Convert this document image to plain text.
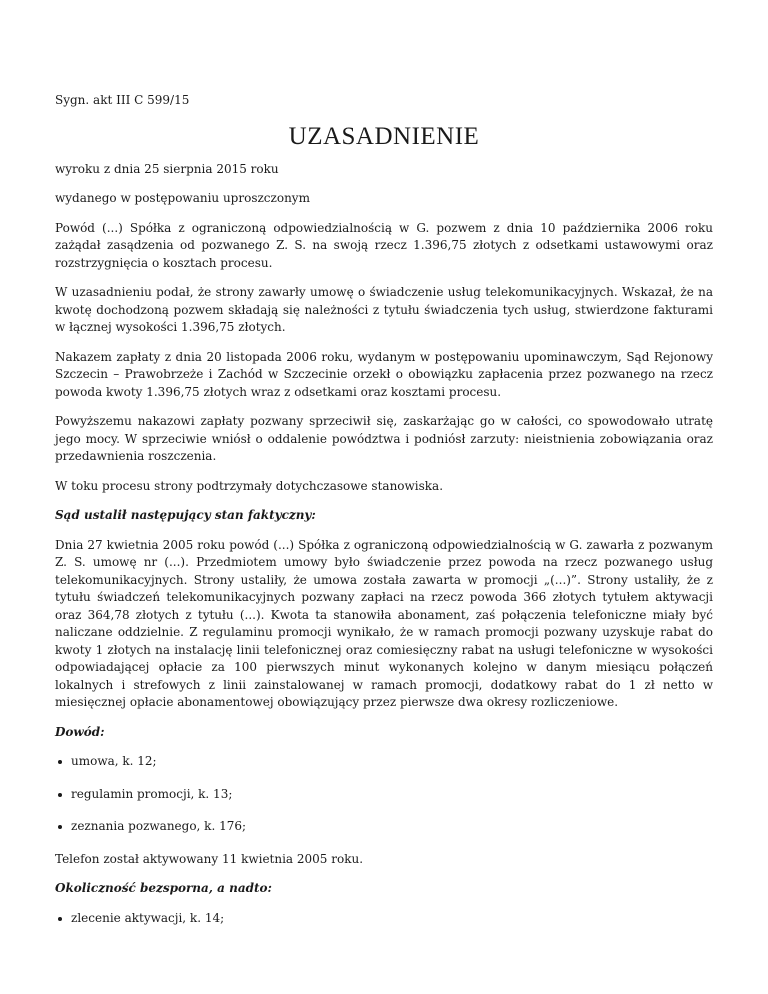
Sygn. akt III C 599/15

UZASADNIENIE

wyroku z dnia 25 sierpnia 2015 roku

wydanego w postępowaniu uproszczonym

Powód (...) Spółka z ograniczoną odpowiedzialnością w G. pozwem z dnia 10 października 2006 roku zażądał zasądzenia od pozwanego Z. S. na swoją rzecz 1.396,75 złotych z odsetkami ustawowymi oraz rozstrzygnięcia o kosztach procesu.

W uzasadnieniu podał, że strony zawarły umowę o świadczenie usług telekomunikacyjnych. Wskazał, że na kwotę dochodzoną pozwem składają się należności z tytułu świadczenia tych usług, stwierdzone fakturami w łącznej wysokości 1.396,75 złotych.

Nakazem zapłaty z dnia 20 listopada 2006 roku, wydanym w postępowaniu upominawczym, Sąd Rejonowy Szczecin – Prawobrzeże i Zachód w Szczecinie orzekł o obowiązku zapłacenia przez pozwanego na rzecz powoda kwoty 1.396,75 złotych wraz z odsetkami oraz kosztami procesu.

Powyższemu nakazowi zapłaty pozwany sprzeciwił się, zaskarżając go w całości, co spowodowało utratę jego mocy. W sprzeciwie wniósł o oddalenie powództwa i podniósł zarzuty: nieistnienia zobowiązania oraz przedawnienia roszczenia.

W toku procesu strony podtrzymały dotychczasowe stanowiska.

Sąd ustalił następujący stan faktyczny:

Dnia 27 kwietnia 2005 roku powód (...) Spółka z ograniczoną odpowiedzialnością w G. zawarła z pozwanym Z. S. umowę nr (...). Przedmiotem umowy było świadczenie przez powoda na rzecz pozwanego usług telekomunikacyjnych. Strony ustaliły, że umowa została zawarta w promocji „(...)”. Strony ustaliły, że z tytułu świadczeń telekomunikacyjnych pozwany zapłaci na rzecz powoda 366 złotych tytułem aktywacji oraz 364,78 złotych z tytułu (...). Kwota ta stanowiła abonament, zaś połączenia telefoniczne miały być naliczane oddzielnie. Z regulaminu promocji wynikało, że w ramach promocji pozwany uzyskuje rabat do kwoty 1 złotych na instalację linii telefonicznej oraz comiesięczny rabat na usługi telefoniczne w wysokości odpowiadającej opłacie za 100 pierwszych minut wykonanych kolejno w danym miesiącu połączeń lokalnych i strefowych z linii zainstalowanej w ramach promocji, dodatkowy rabat do 1 zł netto w miesięcznej opłacie abonamentowej obowiązujący przez pierwsze dwa okresy rozliczeniowe.

Dowód:

umowa, k. 12;
regulamin promocji, k. 13;
zeznania pozwanego, k. 176;

Telefon został aktywowany 11 kwietnia 2005 roku.

Okoliczność bezsporna, a nadto:

zlecenie aktywacji, k. 14;
